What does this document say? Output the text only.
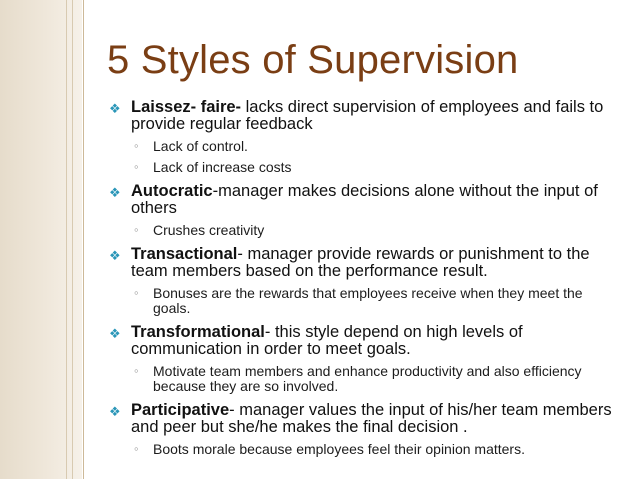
5 Styles of Supervision
❖ Laissez- faire- lacks direct supervision of employees and fails to provide regular feedback
◦ Lack of control.
◦ Lack of increase costs
❖ Autocratic-manager makes decisions alone without the input of others
◦ Crushes creativity
❖ Transactional- manager provide rewards or punishment to the team members based on the performance result.
◦ Bonuses are the rewards that employees receive when they meet the goals.
❖ Transformational- this style depend on high levels of communication in order to meet goals.
◦ Motivate team members and enhance productivity and also efficiency because they are so involved.
❖ Participative- manager values the input of his/her team members and peer but she/he makes the final decision .
◦ Boots morale because employees feel their opinion matters.
